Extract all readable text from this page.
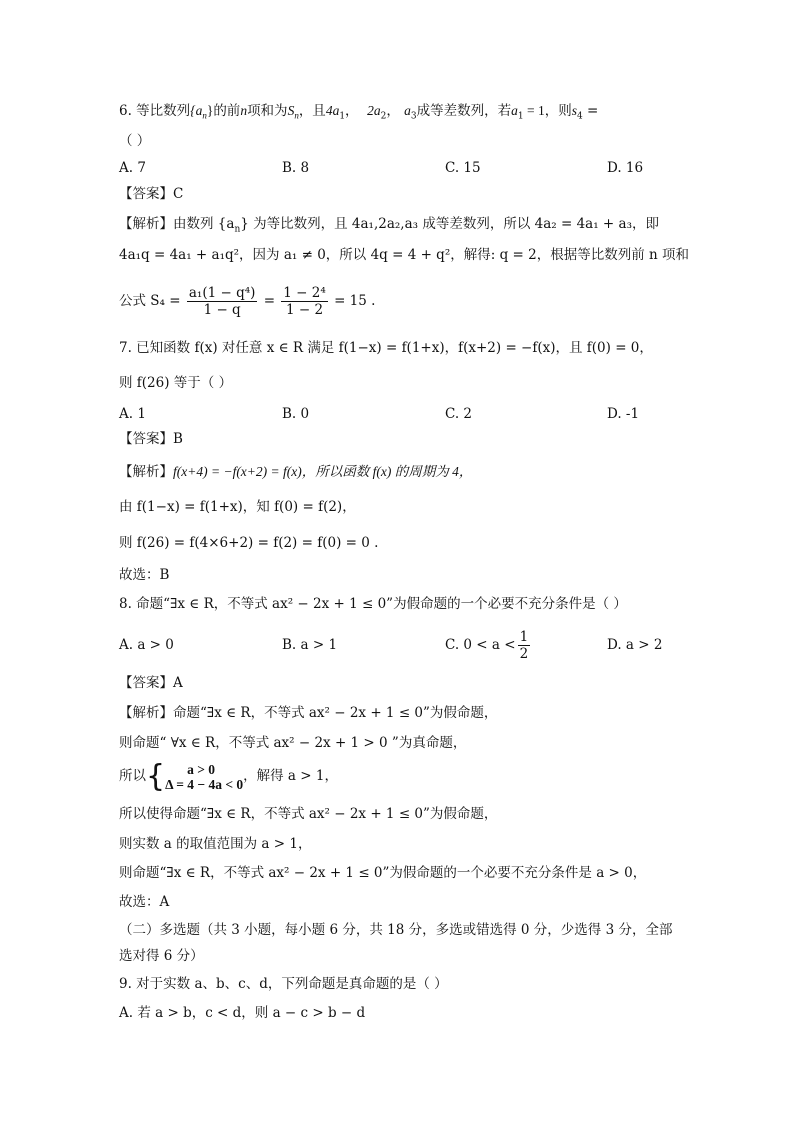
6. 等比数列$\{a_n\}$的前n项和为$S_n$，且$4a_1$， $2a_2$， $a_3$成等差数列，若$a_1 = 1$，则$s_4$ =
（ ）
A. 7	B. 8	C. 15	D. 16
【答案】C
【解析】由数列 $\{a_n\}$ 为等比数列，且 4a₁,2a₂,a₃ 成等差数列，所以 4a₂ = 4a₁ + a₃，即
4a₁q = 4a₁ + a₁q²，因为 a₁ ≠ 0，所以 4q = 4 + q²，解得: q = 2，根据等比数列前 n 项和
公式 $S_4 = \frac{\text{a₁(1 − q⁴)}}{1 - q} = \frac{\text{1 − 2⁴}}{1 - 2} = 15$ .
7. 已知函数 f(x) 对任意 x ∈ R 满足 f(1−x) = f(1+x)，f(x+2) = −f(x)，且 f(0) = 0，
则 f(26) 等于（ ）
A. 1	B. 0	C. 2	D. -1
【答案】B
【解析】f(x+4) = −f(x+2) = f(x)，所以函数 f(x) 的周期为 4，
由 f(1−x) = f(1+x)，知 f(0) = f(2)，
则 f(26) = f(4×6+2) = f(2) = f(0) = 0 .
故选：B
8. 命题“∃x ∈ R，不等式 ax² − 2x + 1 ≤ 0”为假命题的一个必要不充分条件是（ ）
A. a > 0	B. a > 1	C. $0 < a < \frac{1}{2}$	D. a > 2
【答案】A
【解析】命题“∃x ∈ R，不等式 ax² − 2x + 1 ≤ 0”为假命题，
则命题“ ∀x ∈ R，不等式 ax² − 2x + 1 > 0 ”为真命题，
所以{	a > 0
Δ = 4 − 4a < 0 ，解得 a > 1，
所以使得命题“∃x ∈ R，不等式 ax² − 2x + 1 ≤ 0”为假命题，
则实数 a 的取值范围为 a > 1，
则命题“∃x ∈ R，不等式 ax² − 2x + 1 ≤ 0”为假命题的一个必要不充分条件是 a > 0，
故选：A
（二）多选题（共 3 小题，每小题 6 分，共 18 分，多选或错选得 0 分，少选得 3 分，全部
选对得 6 分）
9. 对于实数 a、b、c、d，下列命题是真命题的是（ ）
A. 若 a > b，c < d，则 a − c > b − d
